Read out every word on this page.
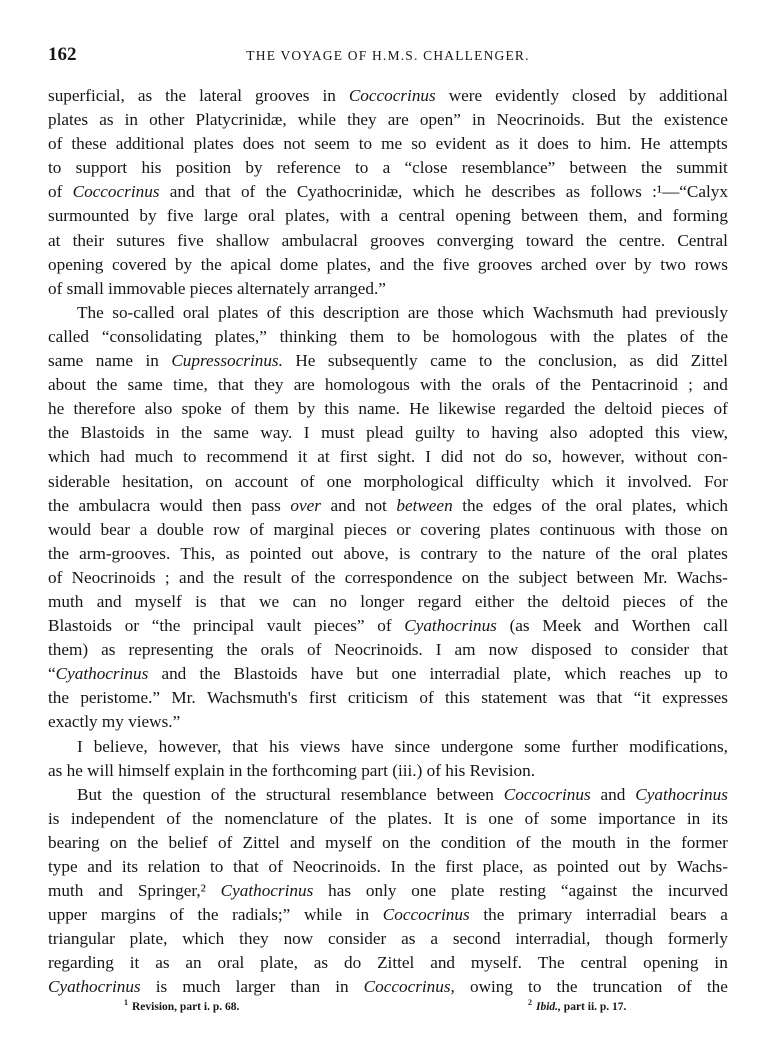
162	THE VOYAGE OF H.M.S. CHALLENGER.
superficial, as the lateral grooves in Coccocrinus were evidently closed by additional
plates as in other Platycrinidæ, while they are open” in Neocrinoids. But the existence
of these additional plates does not seem to me so evident as it does to him. He attempts
to support his position by reference to a “close resemblance” between the summit
of Coccocrinus and that of the Cyathocrinidæ, which he describes as follows :¹—“Calyx
surmounted by five large oral plates, with a central opening between them, and forming
at their sutures five shallow ambulacral grooves converging toward the centre. Central
opening covered by the apical dome plates, and the five grooves arched over by two rows
of small immovable pieces alternately arranged.”
The so-called oral plates of this description are those which Wachsmuth had previously
called “consolidating plates,” thinking them to be homologous with the plates of the
same name in Cupressocrinus. He subsequently came to the conclusion, as did Zittel
about the same time, that they are homologous with the orals of the Pentacrinoid ; and
he therefore also spoke of them by this name. He likewise regarded the deltoid pieces of
the Blastoids in the same way. I must plead guilty to having also adopted this view,
which had much to recommend it at first sight. I did not do so, however, without con-
siderable hesitation, on account of one morphological difficulty which it involved. For
the ambulacra would then pass over and not between the edges of the oral plates, which
would bear a double row of marginal pieces or covering plates continuous with those on
the arm-grooves. This, as pointed out above, is contrary to the nature of the oral plates
of Neocrinoids ; and the result of the correspondence on the subject between Mr. Wachs-
muth and myself is that we can no longer regard either the deltoid pieces of the
Blastoids or “the principal vault pieces” of Cyathocrinus (as Meek and Worthen call
them) as representing the orals of Neocrinoids. I am now disposed to consider that
“Cyathocrinus and the Blastoids have but one interradial plate, which reaches up to
the peristome.” Mr. Wachsmuth's first criticism of this statement was that “it expresses
exactly my views.”
I believe, however, that his views have since undergone some further modifications,
as he will himself explain in the forthcoming part (iii.) of his Revision.
But the question of the structural resemblance between Coccocrinus and Cyathocrinus
is independent of the nomenclature of the plates. It is one of some importance in its
bearing on the belief of Zittel and myself on the condition of the mouth in the former
type and its relation to that of Neocrinoids. In the first place, as pointed out by Wachs-
muth and Springer,² Cyathocrinus has only one plate resting “against the incurved
upper margins of the radials;” while in Coccocrinus the primary interradial bears a
triangular plate, which they now consider as a second interradial, though formerly
regarding it as an oral plate, as do Zittel and myself. The central opening in
Cyathocrinus is much larger than in Coccocrinus, owing to the truncation of the
$^1$ Revision, part i. p. 68.	$^2$ Ibid., part ii. p. 17.
